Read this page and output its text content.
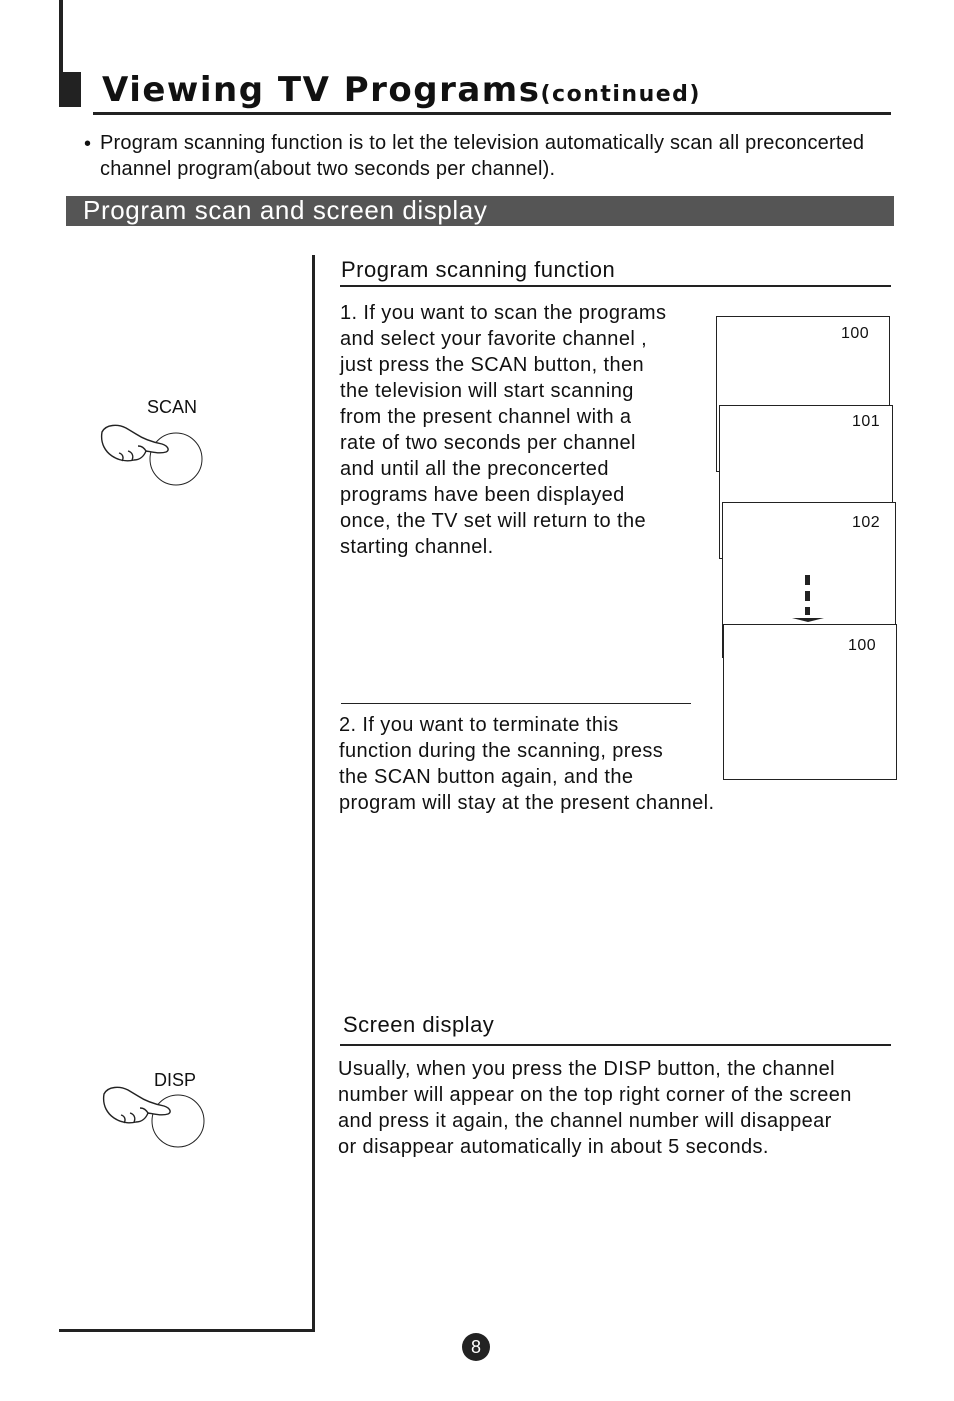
Viewing TV Programs(continued)
• Program scanning function is to let the television automatically scan all preconcerted channel program(about two seconds per channel).

Program scan and screen display
SCAN
DISP
Program scanning function

1. If you want to scan the programs
and select your favorite channel ,
just press the SCAN button, then
the television will start scanning
from the present channel with a
rate of two seconds per channel
and until all the preconcerted
programs have been displayed
once, the TV set will return to the
starting channel.

2. If you want to terminate this
function during the scanning, press
the SCAN button again, and the
program will stay at the present channel.

100
101
102
100
Screen display

Usually, when you press the DISP button, the channel
number will appear on the top right corner of the screen
and press it again, the channel number will disappear
or disappear automatically in about 5 seconds.

8
